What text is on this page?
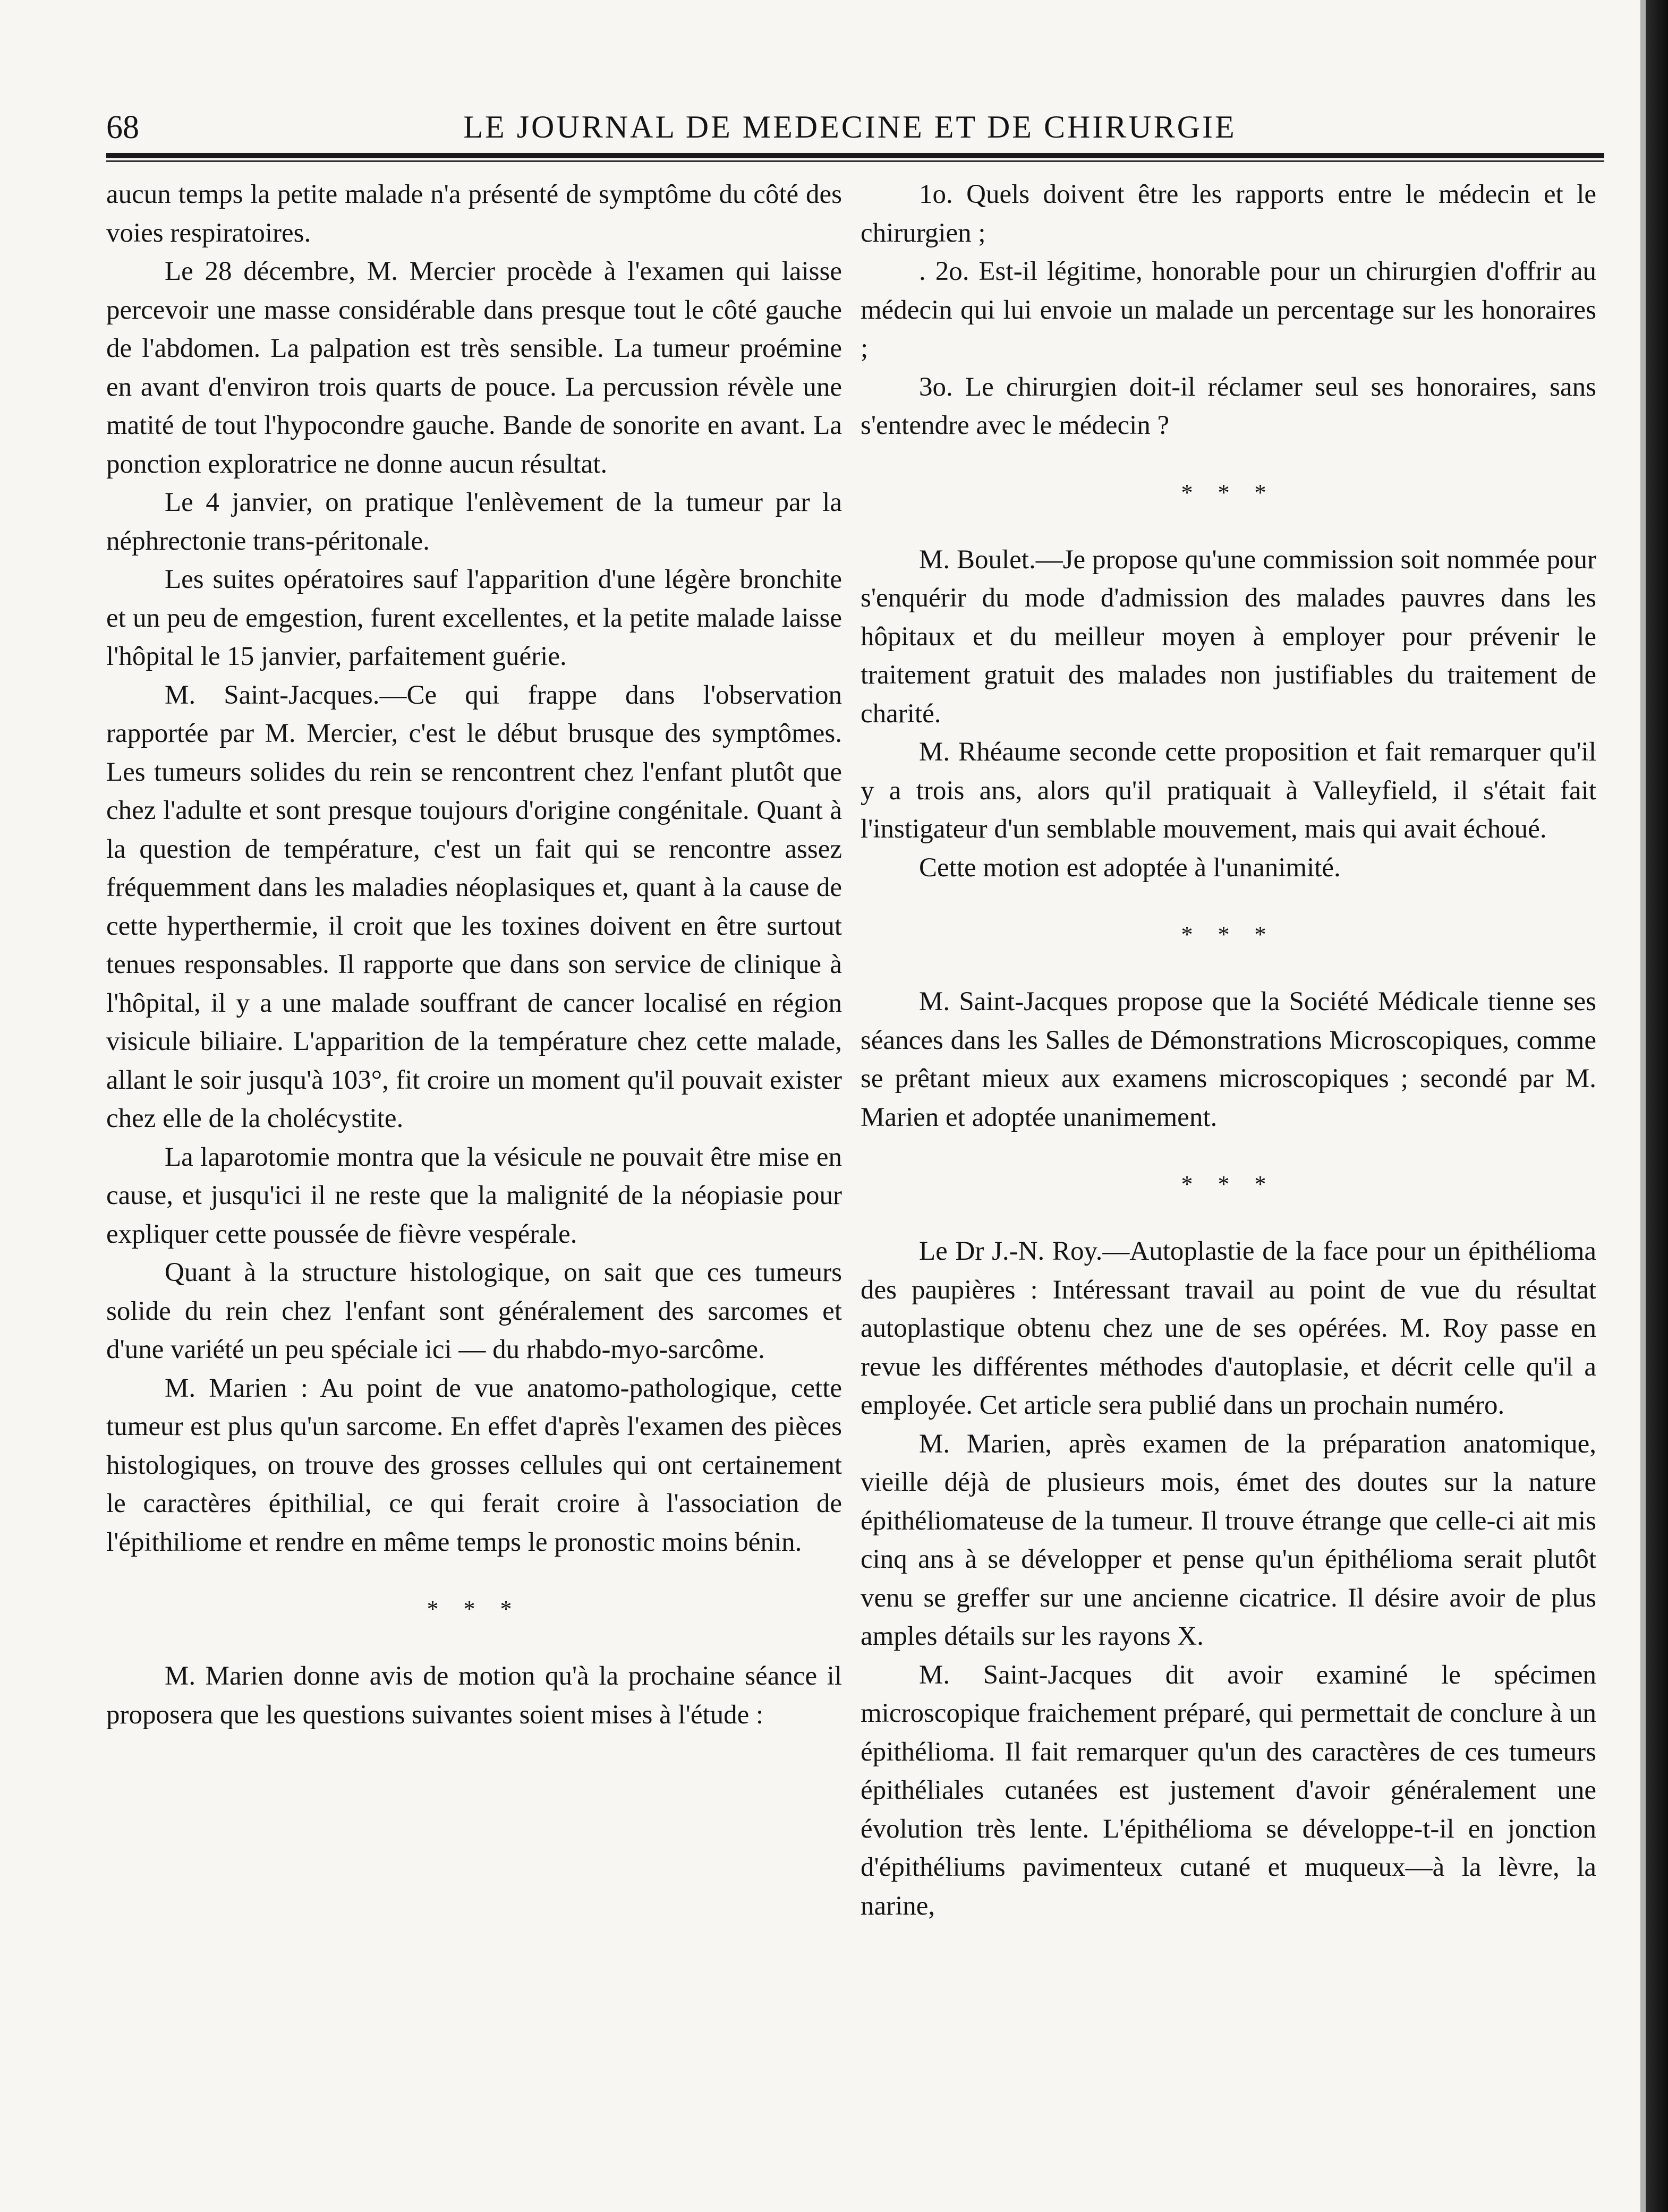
68	LE JOURNAL DE MEDECINE ET DE CHIRURGIE

aucun temps la petite malade n'a présenté de symptôme du côté des voies respiratoires.

Le 28 décembre, M. Mercier procède à l'examen qui laisse percevoir une masse considérable dans presque tout le côté gauche de l'abdomen. La palpation est très sensible. La tumeur proémine en avant d'environ trois quarts de pouce. La percussion révèle une matité de tout l'hypocondre gauche. Bande de sonorite en avant. La ponction exploratrice ne donne aucun résultat.

Le 4 janvier, on pratique l'enlèvement de la tumeur par la néphrectonie trans-péritonale.

Les suites opératoires sauf l'apparition d'une légère bronchite et un peu de emgestion, furent excellentes, et la petite malade laisse l'hôpital le 15 janvier, parfaitement guérie.

M. Saint-Jacques.—Ce qui frappe dans l'observation rapportée par M. Mercier, c'est le début brusque des symptômes. Les tumeurs solides du rein se rencontrent chez l'enfant plutôt que chez l'adulte et sont presque toujours d'origine congénitale. Quant à la question de température, c'est un fait qui se rencontre assez fréquemment dans les maladies néoplasiques et, quant à la cause de cette hyperthermie, il croit que les toxines doivent en être surtout tenues responsables. Il rapporte que dans son service de clinique à l'hôpital, il y a une malade souffrant de cancer localisé en région visicule biliaire. L'apparition de la température chez cette malade, allant le soir jusqu'à 103°, fit croire un moment qu'il pouvait exister chez elle de la cholécystite.

La laparotomie montra que la vésicule ne pouvait être mise en cause, et jusqu'ici il ne reste que la malignité de la néopiasie pour expliquer cette poussée de fièvre vespérale.

Quant à la structure histologique, on sait que ces tumeurs solide du rein chez l'enfant sont généralement des sarcomes et d'une variété un peu spéciale ici — du rhabdo-myo-sarcôme.

M. Marien : Au point de vue anatomo-pathologique, cette tumeur est plus qu'un sarcome. En effet d'après l'examen des pièces histologiques, on trouve des grosses cellules qui ont certainement le caractères épithilial, ce qui ferait croire à l'association de l'épithiliome et rendre en même temps le pronostic moins bénin.

* * *

M. Marien donne avis de motion qu'à la prochaine séance il proposera que les questions suivantes soient mises à l'étude :

1o. Quels doivent être les rapports entre le médecin et le chirurgien ;

. 2o. Est-il légitime, honorable pour un chirurgien d'offrir au médecin qui lui envoie un malade un percentage sur les honoraires ;

3o. Le chirurgien doit-il réclamer seul ses honoraires, sans s'entendre avec le médecin ?

* * *

M. Boulet.—Je propose qu'une commission soit nommée pour s'enquérir du mode d'admission des malades pauvres dans les hôpitaux et du meilleur moyen à employer pour prévenir le traitement gratuit des malades non justifiables du traitement de charité.

M. Rhéaume seconde cette proposition et fait remarquer qu'il y a trois ans, alors qu'il pratiquait à Valleyfield, il s'était fait l'instigateur d'un semblable mouvement, mais qui avait échoué.

Cette motion est adoptée à l'unanimité.

* * *

M. Saint-Jacques propose que la Société Médicale tienne ses séances dans les Salles de Démonstrations Microscopiques, comme se prêtant mieux aux examens microscopiques ; secondé par M. Marien et adoptée unanimement.

* * *

Le Dr J.-N. Roy.—Autoplastie de la face pour un épithélioma des paupières : Intéressant travail au point de vue du résultat autoplastique obtenu chez une de ses opérées. M. Roy passe en revue les différentes méthodes d'autoplasie, et décrit celle qu'il a employée. Cet article sera publié dans un prochain numéro.

M. Marien, après examen de la préparation anatomique, vieille déjà de plusieurs mois, émet des doutes sur la nature épithéliomateuse de la tumeur. Il trouve étrange que celle-ci ait mis cinq ans à se développer et pense qu'un épithélioma serait plutôt venu se greffer sur une ancienne cicatrice. Il désire avoir de plus amples détails sur les rayons X.

M. Saint-Jacques dit avoir examiné le spécimen microscopique fraichement préparé, qui permettait de conclure à un épithélioma. Il fait remarquer qu'un des caractères de ces tumeurs épithéliales cutanées est justement d'avoir généralement une évolution très lente. L'épithélioma se développe-t-il en jonction d'épithéliums pavimenteux cutané et muqueux—à la lèvre, la narine,
